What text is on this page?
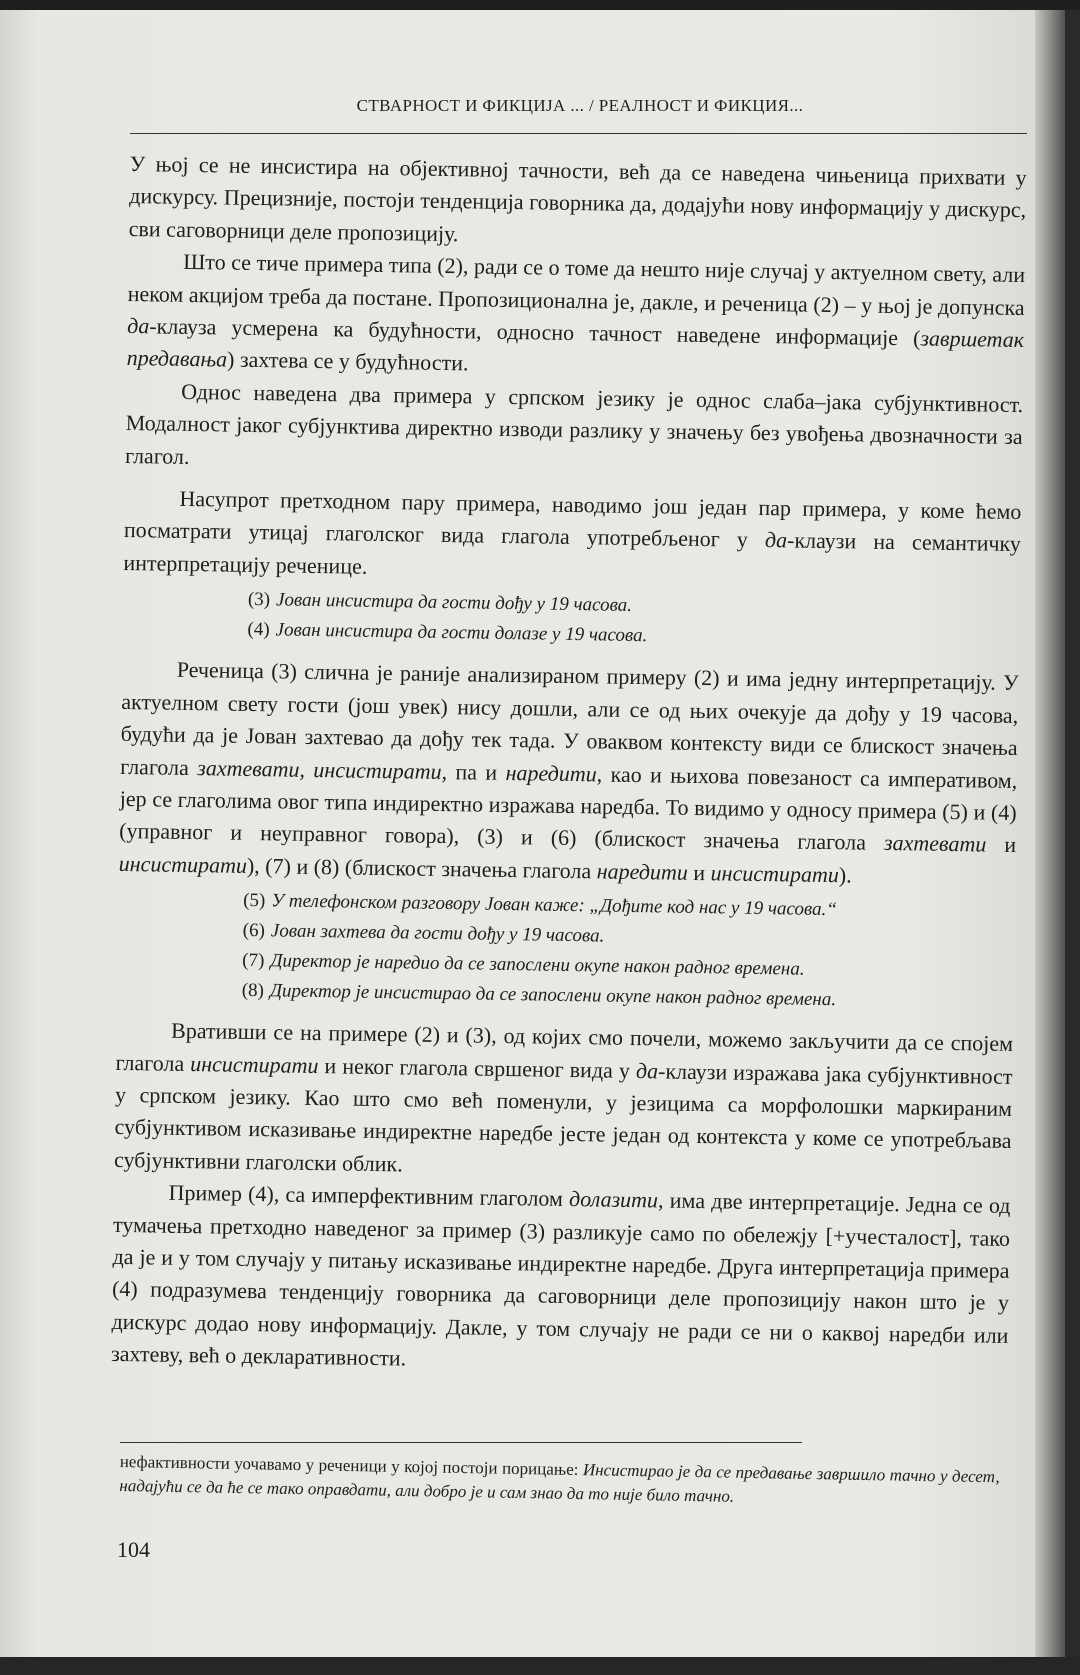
СТВАРНОСТ И ФИКЦИЈА ... / РЕАЛНОСТ И ФИКЦИЯ...

У њој се не инсистира на објективној тачности, већ да се наведена чињеница прихвати у дискурсу. Прецизније, постоји тенденција говорника да, додајући нову информацију у дискурс, сви саговорници деле пропозицију.

Што се тиче примера типа (2), ради се о томе да нешто није случај у актуелном свету, али неком акцијом треба да постане. Пропозиционална је, дакле, и реченица (2) – у њој је допунска да-клауза усмерена ка будућности, односно тачност наведене информације (завршетак предавања) захтева се у будућности.

Однос наведена два примера у српском језику је однос слаба–јака субјунктивност. Модалност јаког субјунктива директно изводи разлику у значењу без увођења двозначности за глагол.

Насупрот претходном пару примера, наводимо још један пар примера, у коме ћемо посматрати утицај глаголског вида глагола употребљеног у да-клаузи на семантичку интерпретацију реченице.

(3) Јован инсистира да гости дођу у 19 часова.

(4) Јован инсистира да гости долазе у 19 часова.

Реченица (3) слична је раније анализираном примеру (2) и има једну интерпретацију. У актуелном свету гости (још увек) нису дошли, али се од њих очекује да дођу у 19 часова, будући да је Јован захтевао да дођу тек тада. У оваквом контексту види се блискост значења глагола захтевати, инсистирати, па и наредити, као и њихова повезаност са императивом, јер се глаголима овог типа индиректно изражава наредба. То видимо у односу примера (5) и (4) (управног и неуправног говора), (3) и (6) (блискост значења глагола захтевати и инсистирати), (7) и (8) (блискост значења глагола наредити и инсистирати).

(5) У телефонском разговору Јован каже: „Дођите код нас у 19 часова.“

(6) Јован захтева да гости дођу у 19 часова.

(7) Директор је наредио да се запослени окупе након радног времена.

(8) Директор је инсистирао да се запослени окупе након радног времена.

Вративши се на примере (2) и (3), од којих смо почели, можемо закључити да се спојем глагола инсистирати и неког глагола свршеног вида у да-клаузи изражава јака субјунктивност у српском језику. Као што смо већ поменули, у језицима са морфолошки маркираним субјунктивом исказивање индиректне наредбе јесте један од контекста у коме се употребљава субјунктивни глаголски облик.

Пример (4), са имперфективним глаголом долазити, има две интерпретације. Једна се од тумачења претходно наведеног за пример (3) разликује само по обележју [+учесталост], тако да је и у том случају у питању исказивање индиректне наредбе. Друга интерпретација примера (4) подразумева тенденцију говорника да саговорници деле пропозицију након што је у дискурс додао нову информацију. Дакле, у том случају не ради се ни о каквој наредби или захтеву, већ о декларативности.

нефактивности уочавамо у реченици у којој постоји порицање: Инсистирао је да се предавање завршило тачно у десет, надајући се да ће се тако оправдати, али добро је и сам знао да то није било тачно.
104
